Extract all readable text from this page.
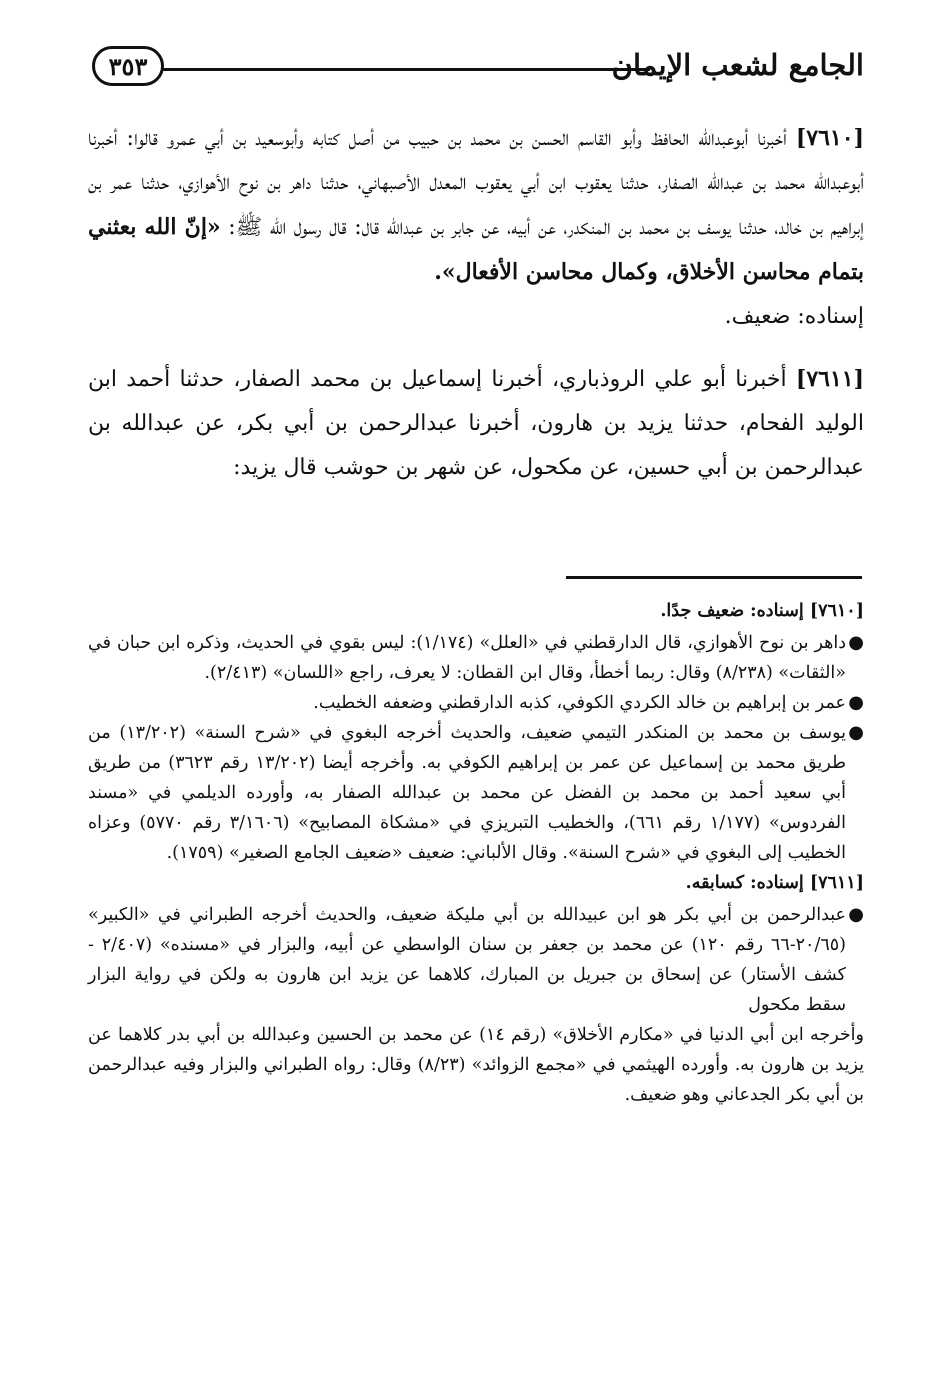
الجامع لشعب الإيمان
٣٥٣

[٧٦١٠] أخبرنا أبوعبدالله الحافظ وأبو القاسم الحسن بن محمد بن حبيب من أصل كتابه وأبوسعيد بن أبي عمرو قالوا: أخبرنا أبوعبدالله محمد بن عبدالله الصفار، حدثنا يعقوب ابن أبي يعقوب المعدل الأصبهاني، حدثنا داهر بن نوح الأهوازي، حدثنا عمر بن إبراهيم بن خالد، حدثنا يوسف بن محمد بن المنكدر، عن أبيه، عن جابر بن عبدالله قال: قال رسول الله ﷺ: «إنّ الله بعثني بتمام محاسن الأخلاق، وكمال محاسن الأفعال».

إسناده: ضعيف.

[٧٦١١] أخبرنا أبو علي الروذباري، أخبرنا إسماعيل بن محمد الصفار، حدثنا أحمد ابن الوليد الفحام، حدثنا يزيد بن هارون، أخبرنا عبدالرحمن بن أبي بكر، عن عبدالله بن عبدالرحمن بن أبي حسين، عن مكحول، عن شهر بن حوشب قال يزيد:

[٧٦١٠] إسناده: ضعيف جدًا.

●
داهر بن نوح الأهوازي، قال الدارقطني في «العلل» (١/١٧٤): ليس بقوي في الحديث، وذكره ابن حبان في «الثقات» (٨/٢٣٨) وقال: ربما أخطأ، وقال ابن القطان: لا يعرف، راجع «اللسان» (٢/٤١٣).

●
عمر بن إبراهيم بن خالد الكردي الكوفي، كذبه الدارقطني وضعفه الخطيب.

●
يوسف بن محمد بن المنكدر التيمي ضعيف، والحديث أخرجه البغوي في «شرح السنة» (١٣/٢٠٢) من طريق محمد بن إسماعيل عن عمر بن إبراهيم الكوفي به. وأخرجه أيضا (١٣/٢٠٢ رقم ٣٦٢٣) من طريق أبي سعيد أحمد بن محمد بن الفضل عن محمد بن عبدالله الصفار به، وأورده الديلمي في «مسند الفردوس» (١/١٧٧ رقم ٦٦١)، والخطيب التبريزي في «مشكاة المصابيح» (٣/١٦٠٦ رقم ٥٧٧٠) وعزاه الخطيب إلى البغوي في «شرح السنة». وقال الألباني: ضعيف «ضعيف الجامع الصغير» (١٧٥٩).

[٧٦١١] إسناده: كسابقه.

●
عبدالرحمن بن أبي بكر هو ابن عبيدالله بن أبي مليكة ضعيف، والحديث أخرجه الطبراني في «الكبير» (٢٠/٦٥-٦٦ رقم ١٢٠) عن محمد بن جعفر بن سنان الواسطي عن أبيه، والبزار في «مسنده» (٢/٤٠٧ - كشف الأستار) عن إسحاق بن جبريل بن المبارك، كلاهما عن يزيد ابن هارون به ولكن في رواية البزار سقط مكحول

وأخرجه ابن أبي الدنيا في «مكارم الأخلاق» (رقم ١٤) عن محمد بن الحسين وعبدالله بن أبي بدر كلاهما عن يزيد بن هارون به. وأورده الهيثمي في «مجمع الزوائد» (٨/٢٣) وقال: رواه الطبراني والبزار وفيه عبدالرحمن بن أبي بكر الجدعاني وهو ضعيف.
